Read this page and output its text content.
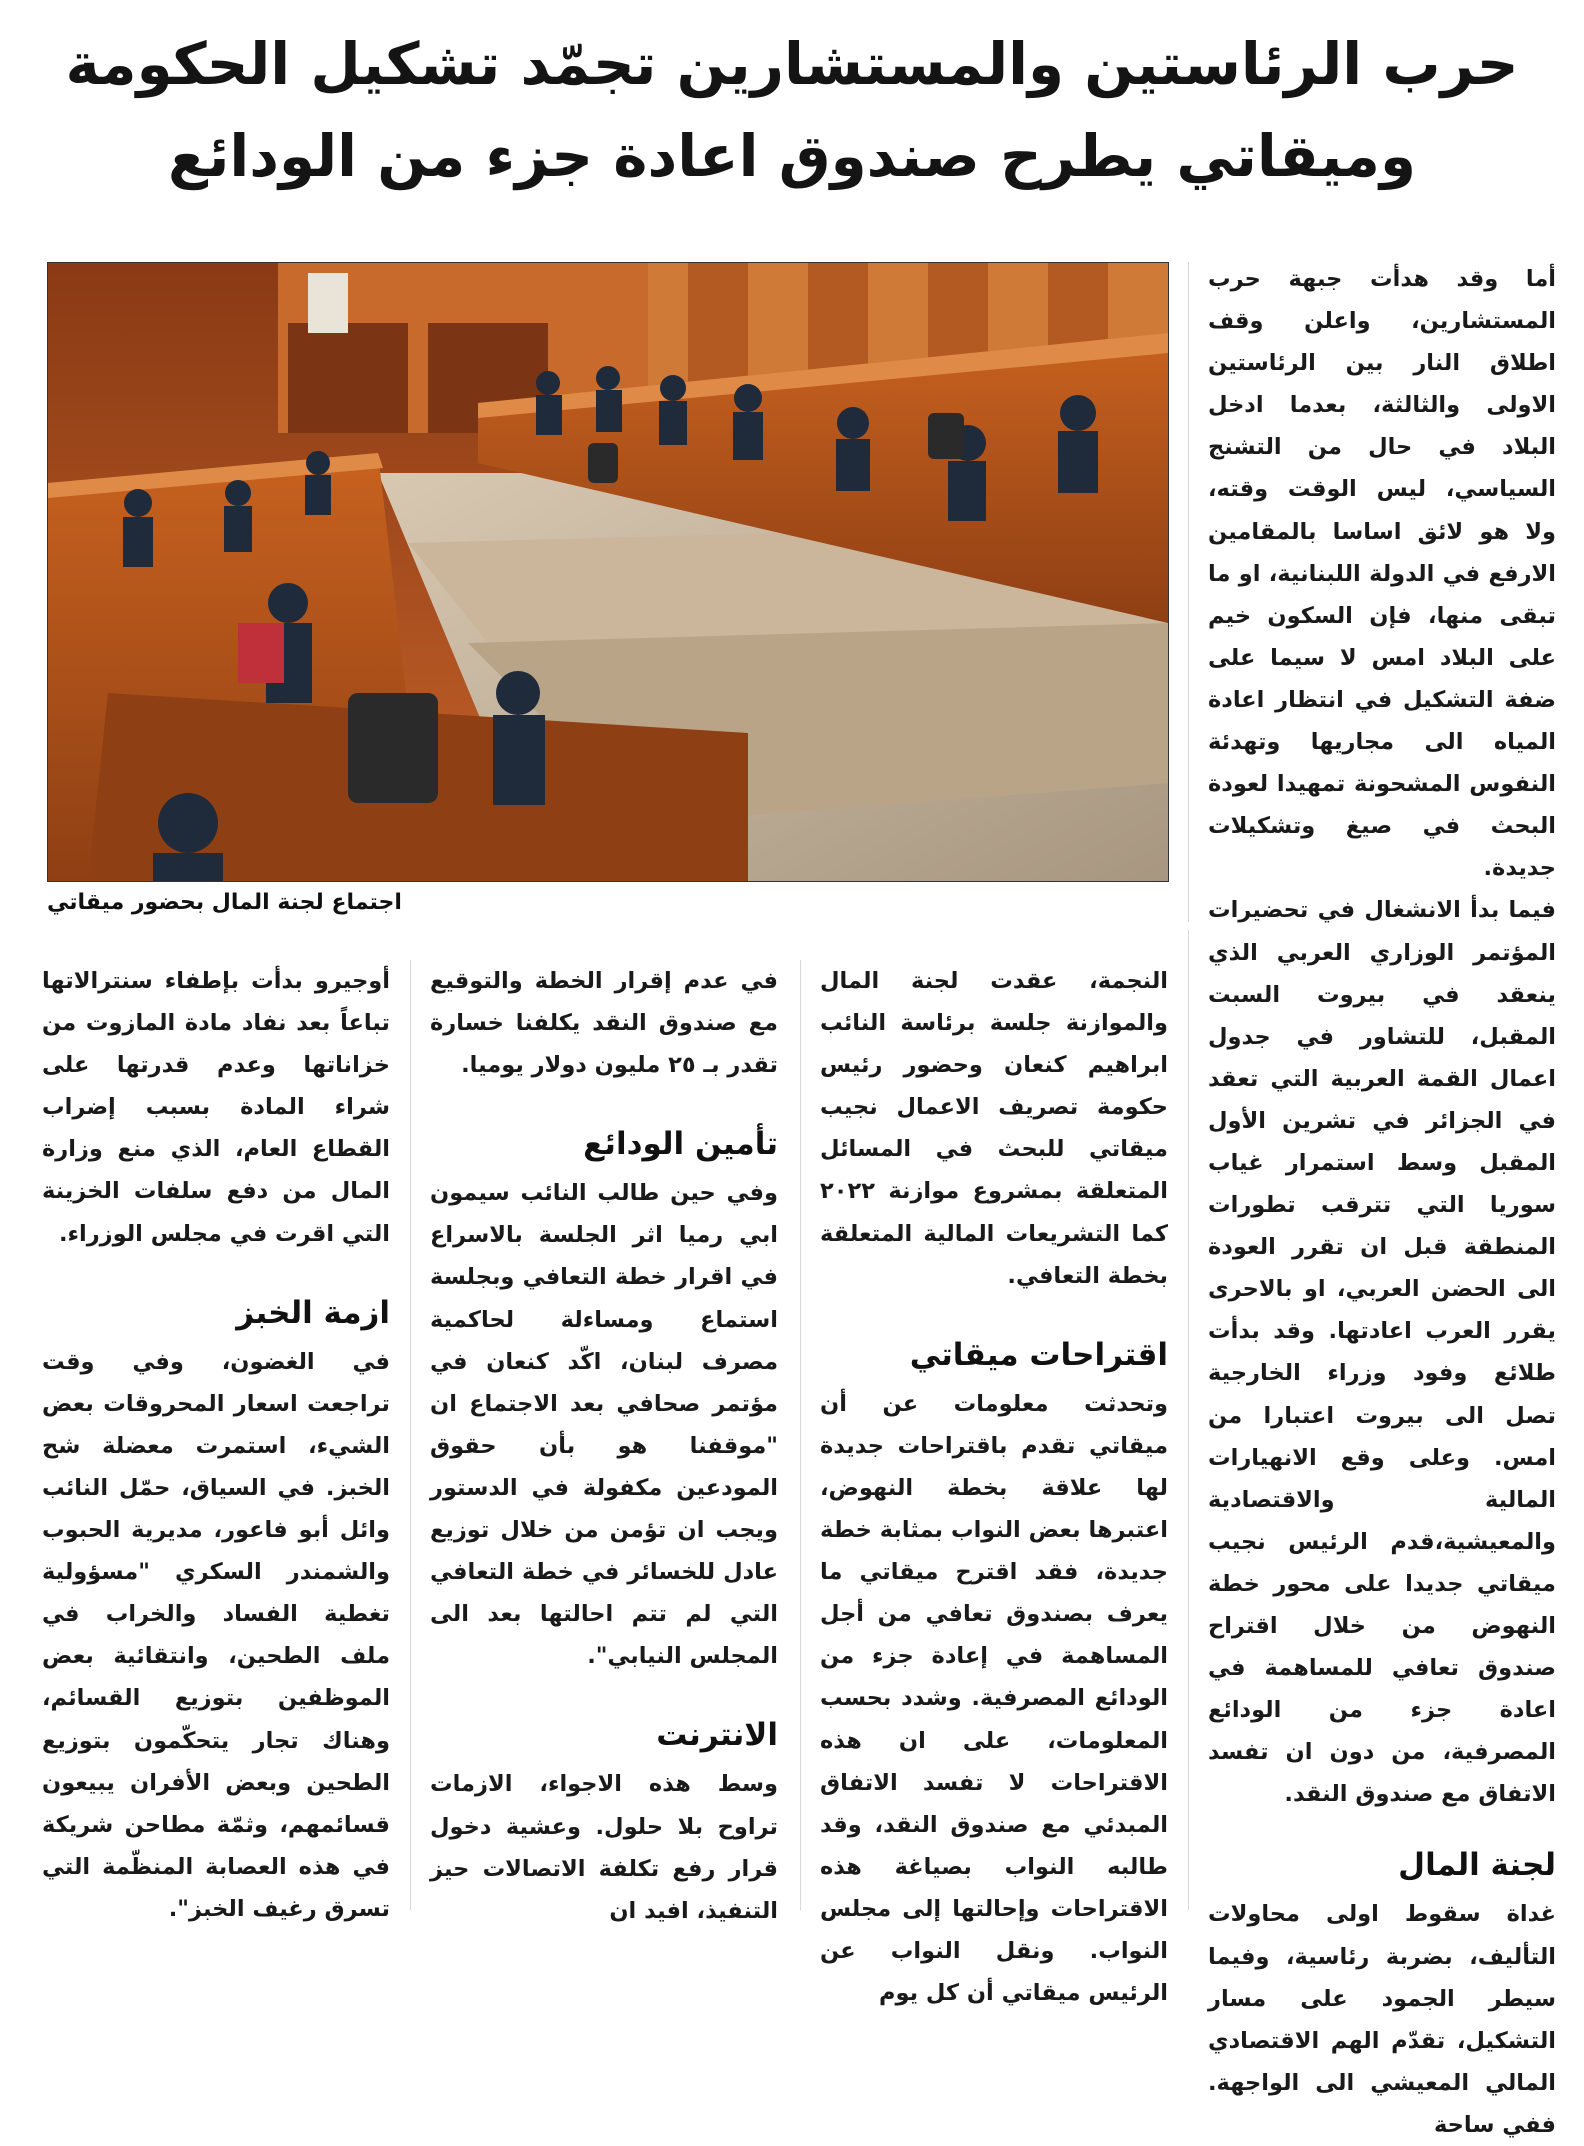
حرب الرئاستين والمستشارين تجمّد تشكيل الحكومة
وميقاتي يطرح صندوق اعادة جزء من الودائع
اجتماع لجنة المال بحضور ميقاتي

أما وقد هدأت جبهة حرب المستشارين، واعلن وقف اطلاق النار بين الرئاستين الاولى والثالثة، بعدما ادخل البلاد في حال من التشنج السياسي، ليس الوقت وقته، ولا هو لائق اساسا بالمقامين الارفع في الدولة اللبنانية، او ما تبقى منها، فإن السكون خيم على البلاد امس لا سيما على ضفة التشكيل في انتظار اعادة المياه الى مجاريها وتهدئة النفوس المشحونة تمهيدا لعودة البحث في صيغ وتشكيلات جديدة.

فيما بدأ الانشغال في تحضيرات المؤتمر الوزاري العربي الذي ينعقد في بيروت السبت المقبل، للتشاور في جدول اعمال القمة العربية التي تعقد في الجزائر في تشرين الأول المقبل وسط استمرار غياب سوريا التي تترقب تطورات المنطقة قبل ان تقرر العودة الى الحضن العربي، او بالاحرى يقرر العرب اعادتها. وقد بدأت طلائع وفود وزراء الخارجية تصل الى بيروت اعتبارا من امس. وعلى وقع الانهيارات المالية والاقتصادية والمعيشية،قدم الرئيس نجيب ميقاتي جديدا على محور خطة النهوض من خلال اقتراح صندوق تعافي للمساهمة في اعادة جزء من الودائع المصرفية، من دون ان تفسد الاتفاق مع صندوق النقد.

لجنة المال

غداة سقوط اولى محاولات التأليف، بضربة رئاسية، وفيما سيطر الجمود على مسار التشكيل، تقدّم الهم الاقتصادي المالي المعيشي الى الواجهة. ففي ساحة

النجمة، عقدت لجنة المال والموازنة جلسة برئاسة النائب ابراهيم كنعان وحضور رئيس حكومة تصريف الاعمال نجيب ميقاتي للبحث في المسائل المتعلقة بمشروع موازنة ٢٠٢٢ كما التشريعات المالية المتعلقة بخطة التعافي.

اقتراحات ميقاتي

وتحدثت معلومات عن أن ميقاتي تقدم باقتراحات جديدة لها علاقة بخطة النهوض، اعتبرها بعض النواب بمثابة خطة جديدة، فقد اقترح ميقاتي ما يعرف بصندوق تعافي من أجل المساهمة في إعادة جزء من الودائع المصرفية. وشدد بحسب المعلومات، على ان هذه الاقتراحات لا تفسد الاتفاق المبدئي مع صندوق النقد، وقد طالبه النواب بصياغة هذه الاقتراحات وإحالتها إلى مجلس النواب. ونقل النواب عن الرئيس ميقاتي أن كل يوم

في عدم إقرار الخطة والتوقيع مع صندوق النقد يكلفنا خسارة تقدر بـ ٢٥ مليون دولار يوميا.

تأمين الودائع

وفي حين طالب النائب سيمون ابي رميا اثر الجلسة بالاسراع في اقرار خطة التعافي وبجلسة استماع ومساءلة لحاكمية مصرف لبنان، اكّد كنعان في مؤتمر صحافي بعد الاجتماع ان "موقفنا هو بأن حقوق المودعين مكفولة في الدستور ويجب ان تؤمن من خلال توزيع عادل للخسائر في خطة التعافي التي لم تتم احالتها بعد الى المجلس النيابي".

الانترنت

وسط هذه الاجواء، الازمات تراوح بلا حلول. وعشية دخول قرار رفع تكلفة الاتصالات حيز التنفيذ، افيد ان

أوجيرو بدأت بإطفاء سنترالاتها تباعاً بعد نفاد مادة المازوت من خزاناتها وعدم قدرتها على شراء المادة بسبب إضراب القطاع العام، الذي منع وزارة المال من دفع سلفات الخزينة التي اقرت في مجلس الوزراء.

ازمة الخبز

في الغضون، وفي وقت تراجعت اسعار المحروقات بعض الشيء، استمرت معضلة شح الخبز. في السياق، حمّل النائب وائل أبو فاعور، مديرية الحبوب والشمندر السكري "مسؤولية تغطية الفساد والخراب في ملف الطحين، وانتقائية بعض الموظفين بتوزيع القسائم، وهناك تجار يتحكّمون بتوزيع الطحين وبعض الأفران يبيعون قسائمهم، وثمّة مطاحن شريكة في هذه العصابة المنظّمة التي تسرق رغيف الخبز".
